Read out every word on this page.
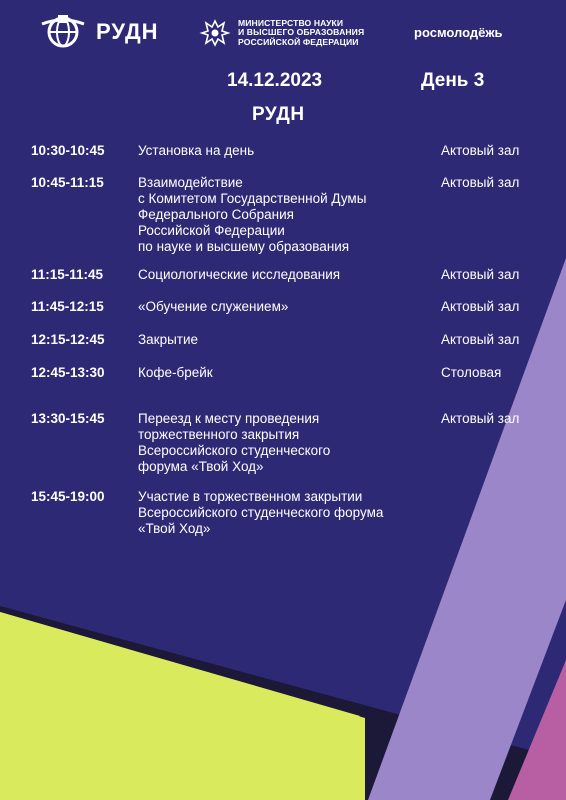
РУДН	МИНИСТЕРСТВО НАУКИ
И ВЫСШЕГО ОБРАЗОВАНИЯ
РОССИЙСКОЙ ФЕДЕРАЦИИ
росмолодёжь
14.12.2023	День 3
РУДН
10:30-10:45 Установка на день	Актовый зал
10:45-11:15	Взаимодействие
с Комитетом Государственной Думы
Федерального Собрания
Российской Федерации
по науке и высшему образования
Актовый зал
11:15-11:45	Социологические исследования	Актовый зал
11:45-12:15	«Обучение служением»	Актовый зал
12:15-12:45 Закрытие	Актовый зал
12:45-13:30 Кофе-брейк	Столовая
13:30-15:45 Переезд к месту проведения
торжественного закрытия
Всероссийского студенческого
форума «Твой Ход»
Актовый зал
15:45-19:00 Участие в торжественном закрытии
Всероссийского студенческого форума
«Твой Ход»
